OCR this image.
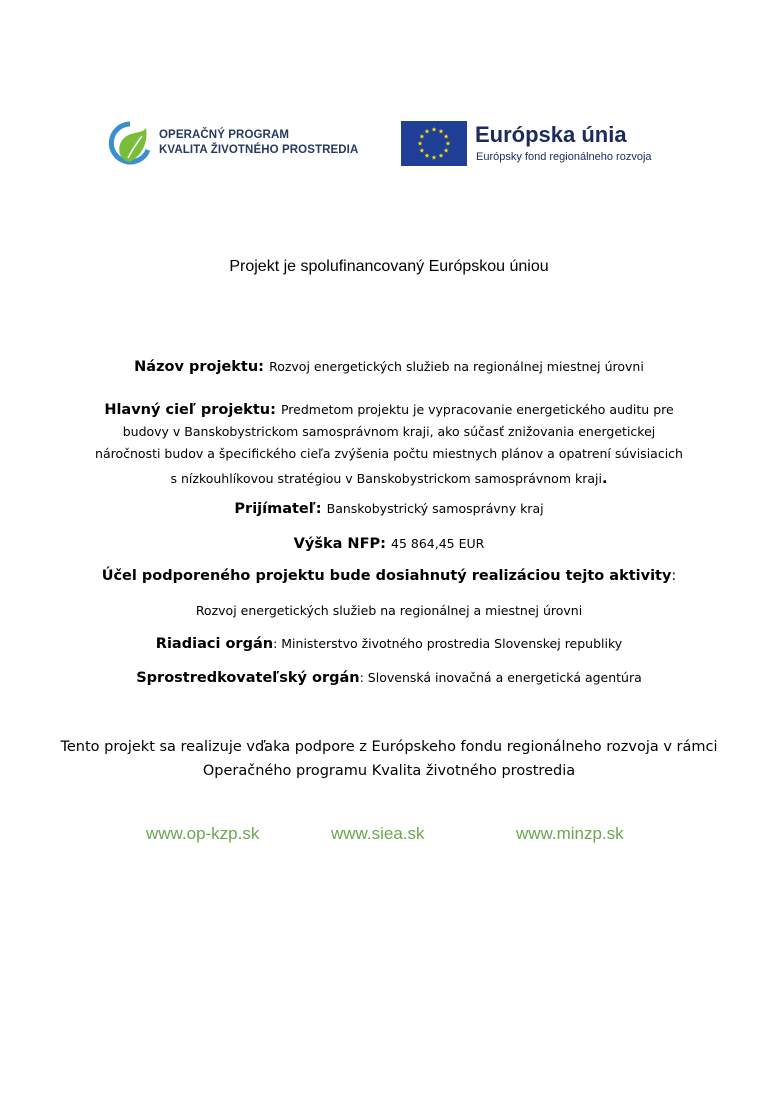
OPERAČNÝ PROGRAM
KVALITA ŽIVOTNÉHO PROSTREDIA
Európska únia
Európsky fond regionálneho rozvoja
Projekt je spolufinancovaný Európskou úniou
Názov projektu: Rozvoj energetických služieb na regionálnej miestnej úrovni
Hlavný cieľ projektu: Predmetom projektu je vypracovanie energetického auditu pre
budovy v Banskobystrickom samosprávnom kraji, ako súčasť znižovania energetickej
náročnosti budov a špecifického cieľa zvýšenia počtu miestnych plánov a opatrení súvisiacich
s nízkouhlíkovou stratégiou v Banskobystrickom samosprávnom kraji.
Prijímateľ: Banskobystrický samosprávny kraj
Výška NFP: 45 864,45 EUR
Účel podporeného projektu bude dosiahnutý realizáciou tejto aktivity:
Rozvoj energetických služieb na regionálnej a miestnej úrovni
Riadiaci orgán: Ministerstvo životného prostredia Slovenskej republiky
Sprostredkovateľský orgán: Slovenská inovačná a energetická agentúra
Tento projekt sa realizuje vďaka podpore z Európskeho fondu regionálneho rozvoja v rámci
Operačného programu Kvalita životného prostredia
www.op-kzp.sk	www.siea.sk	www.minzp.sk
